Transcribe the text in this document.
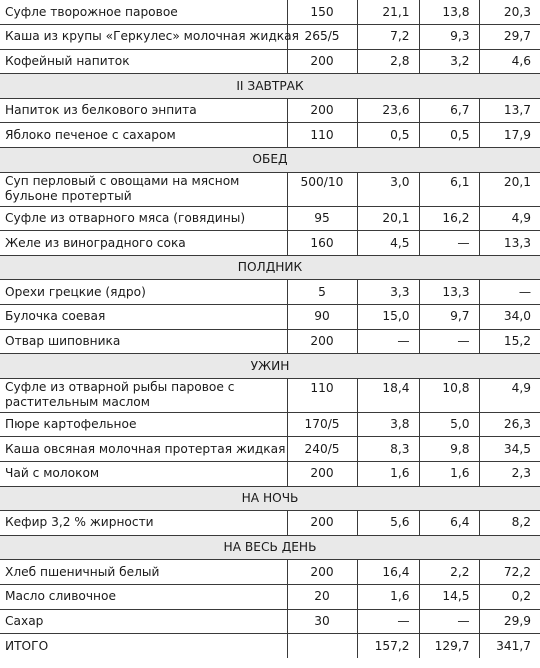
Суфле творожное паровое	150	21,1	13,8	20,3
Каша из крупы «Геркулес» молочная жидкая	265/5	7,2	9,3	29,7
Кофейный напиток	200	2,8	3,2	4,6
II ЗАВТРАК				
Напиток из белкового энпита	200	23,6	6,7	13,7
Яблоко печеное с сахаром	110	0,5	0,5	17,9
ОБЕД				
Суп перловый с овощами на мясном бульоне протертый	500/10	3,0	6,1	20,1
Суфле из отварного мяса (говядины)	95	20,1	16,2	4,9
Желе из виноградного сока	160	4,5	—	13,3
ПОЛДНИК				
Орехи грецкие (ядро)	5	3,3	13,3	—
Булочка соевая	90	15,0	9,7	34,0
Отвар шиповника	200	—	—	15,2
УЖИН				
Суфле из отварной рыбы паровое с растительным маслом	110	18,4	10,8	4,9
Пюре картофельное	170/5	3,8	5,0	26,3
Каша овсяная молочная протертая жидкая	240/5	8,3	9,8	34,5
Чай с молоком	200	1,6	1,6	2,3
НА НОЧЬ				
Кефир 3,2 % жирности	200	5,6	6,4	8,2
НА ВЕСЬ ДЕНЬ				
Хлеб пшеничный белый	200	16,4	2,2	72,2
Масло сливочное	20	1,6	14,5	0,2
Сахар	30	—	—	29,9
ИТОГО		157,2	129,7	341,7
